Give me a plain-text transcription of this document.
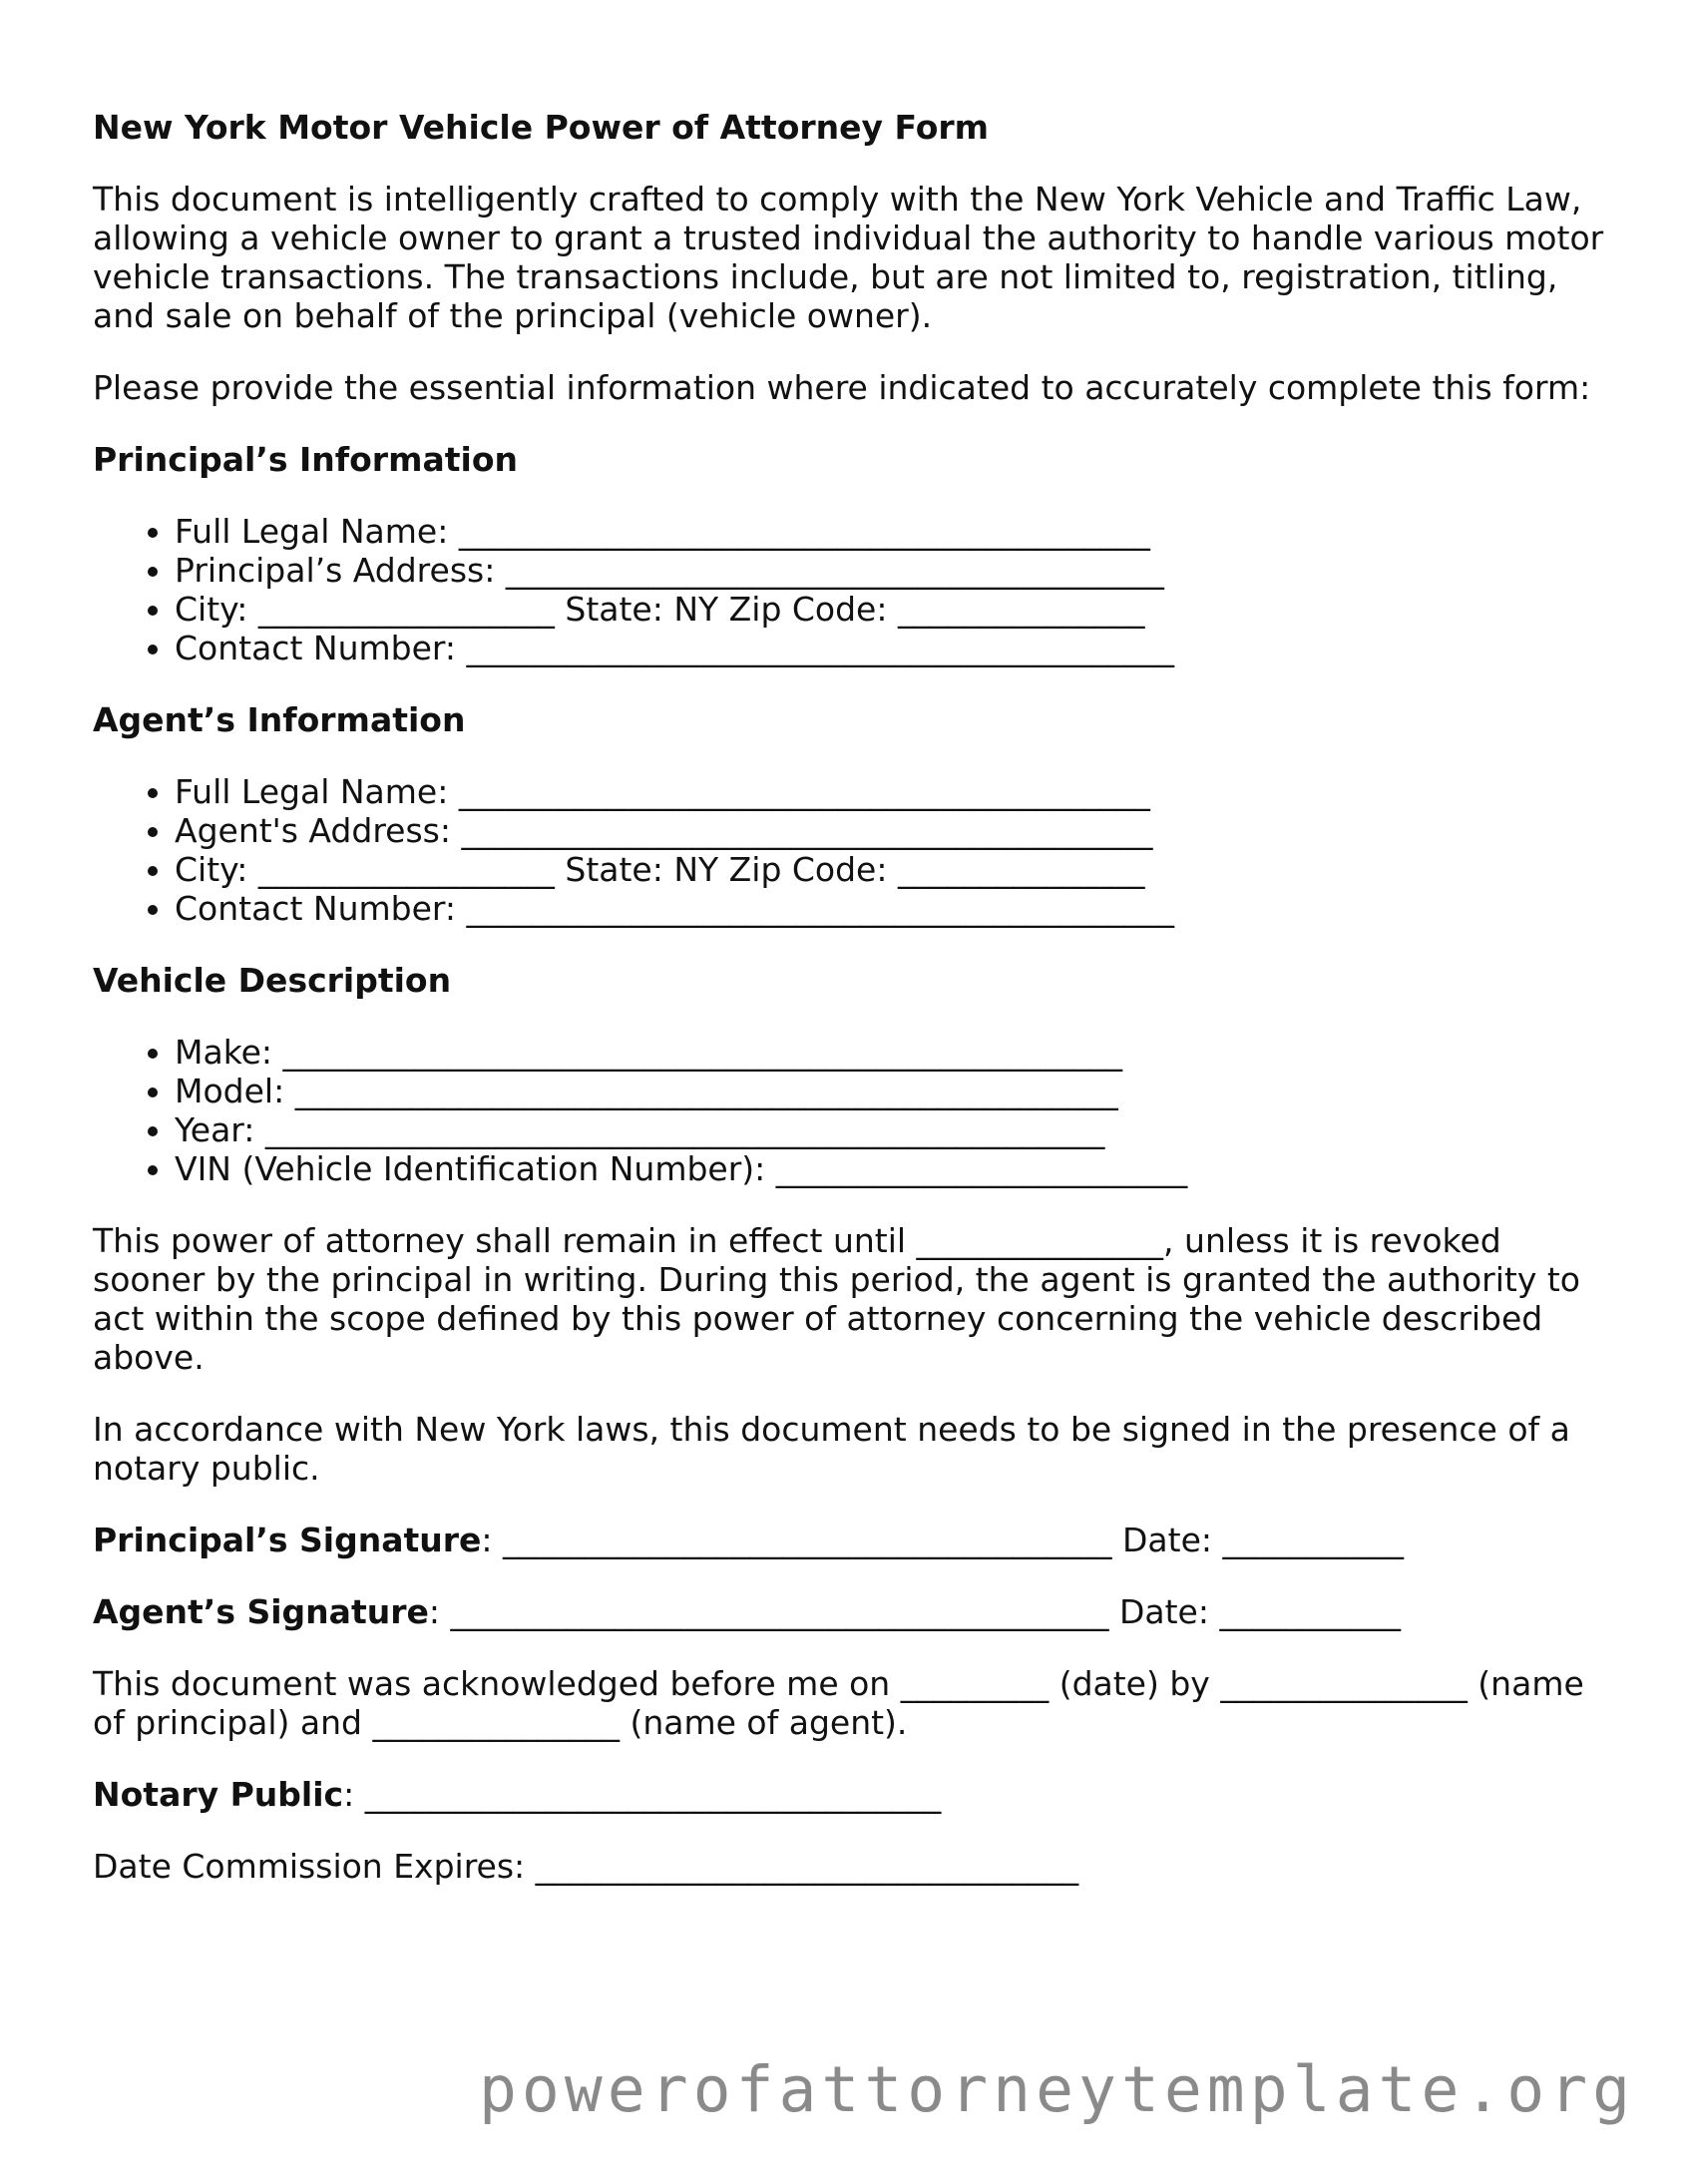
New York Motor Vehicle Power of Attorney Form

This document is intelligently crafted to comply with the New York Vehicle and Traffic Law, allowing a vehicle owner to grant a trusted individual the authority to handle various motor vehicle transactions. The transactions include, but are not limited to, registration, titling, and sale on behalf of the principal (vehicle owner).

Please provide the essential information where indicated to accurately complete this form:

Principal’s Information
• Full Legal Name: __________________________________________
• Principal’s Address: ________________________________________
• City: __________________ State: NY Zip Code: _______________
• Contact Number: ___________________________________________
Agent’s Information
• Full Legal Name: __________________________________________
• Agent's Address: __________________________________________
• City: __________________ State: NY Zip Code: _______________
• Contact Number: ___________________________________________
Vehicle Description
• Make: ___________________________________________________
• Model: __________________________________________________
• Year: ___________________________________________________
• VIN (Vehicle Identification Number): _________________________

This power of attorney shall remain in effect until _______________, unless it is revoked sooner by the principal in writing. During this period, the agent is granted the authority to act within the scope defined by this power of attorney concerning the vehicle described above.

In accordance with New York laws, this document needs to be signed in the presence of a notary public.

Principal’s Signature: _____________________________________ Date: ___________

Agent’s Signature: ________________________________________ Date: ___________

This document was acknowledged before me on _________ (date) by _______________ (name of principal) and _______________ (name of agent).

Notary Public: ___________________________________

Date Commission Expires: _________________________________

powerofattorneytemplate.org
